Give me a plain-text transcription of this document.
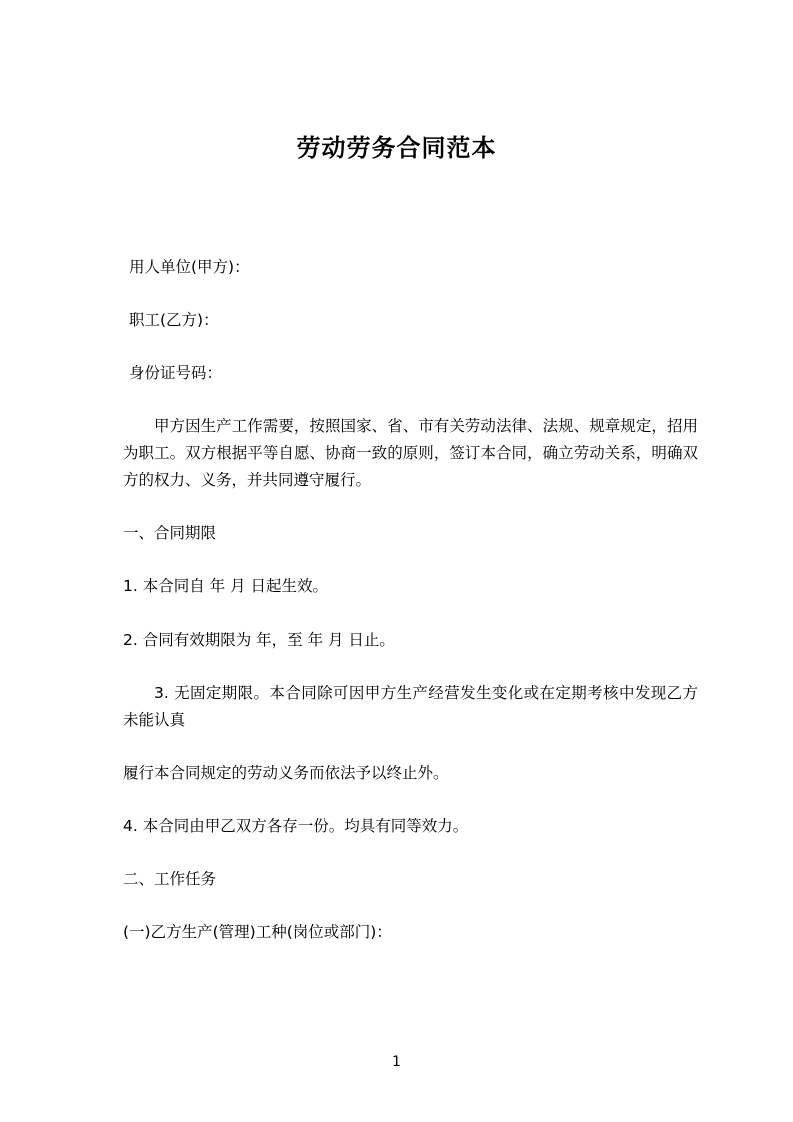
劳动劳务合同范本

用人单位(甲方)：

职工(乙方)：

身份证号码：

甲方因生产工作需要，按照国家、省、市有关劳动法律、法规、规章规定，招用为职工。双方根据平等自愿、协商一致的原则，签订本合同，确立劳动关系，明确双方的权力、义务，并共同遵守履行。

一、合同期限

1. 本合同自 年 月 日起生效。

2. 合同有效期限为 年，至 年 月 日止。

3. 无固定期限。本合同除可因甲方生产经营发生变化或在定期考核中发现乙方未能认真

履行本合同规定的劳动义务而依法予以终止外。

4. 本合同由甲乙双方各存一份。均具有同等效力。

二、工作任务

(一)乙方生产(管理)工种(岗位或部门)：

1
